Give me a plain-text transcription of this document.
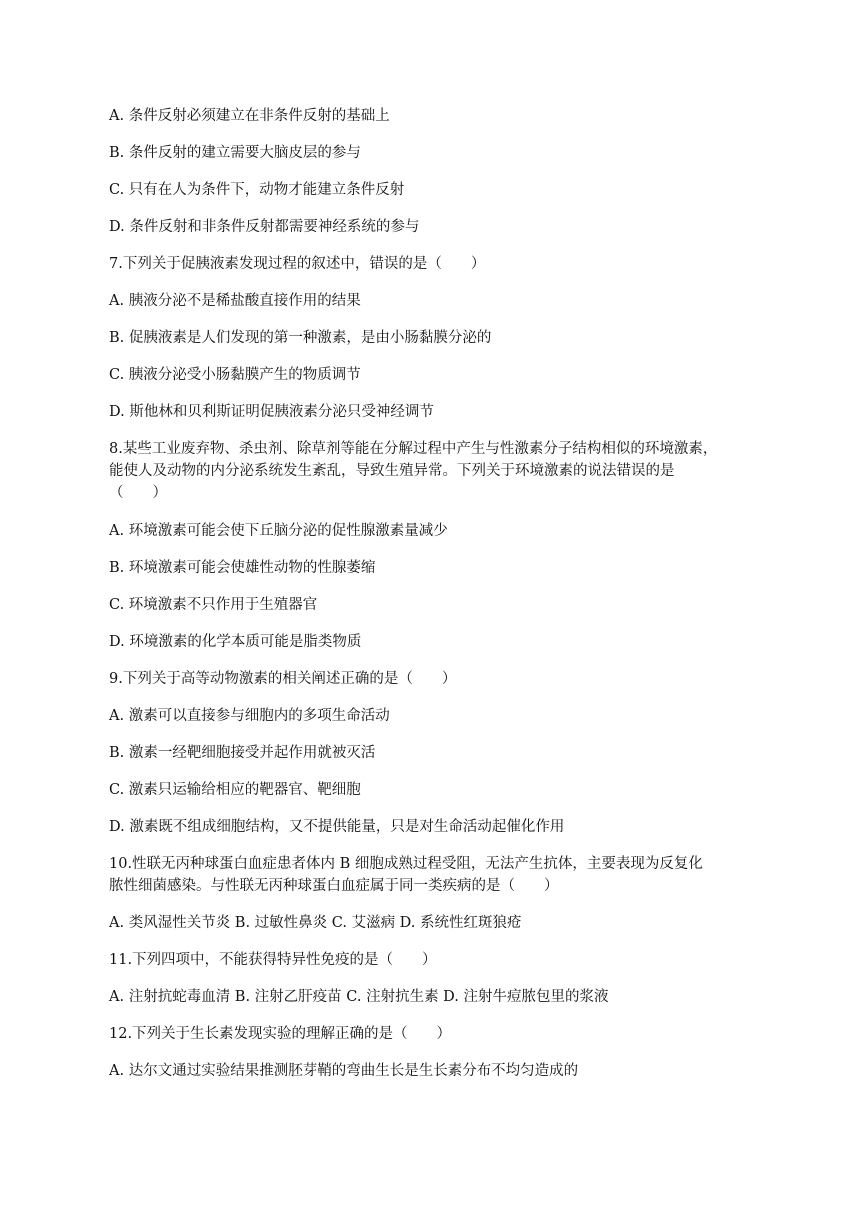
A. 条件反射必须建立在非条件反射的基础上
B. 条件反射的建立需要大脑皮层的参与
C. 只有在人为条件下，动物才能建立条件反射
D. 条件反射和非条件反射都需要神经系统的参与
7.下列关于促胰液素发现过程的叙述中，错误的是（　　）
A. 胰液分泌不是稀盐酸直接作用的结果
B. 促胰液素是人们发现的第一种激素，是由小肠黏膜分泌的
C. 胰液分泌受小肠黏膜产生的物质调节
D. 斯他林和贝利斯证明促胰液素分泌只受神经调节
8.某些工业废弃物、杀虫剂、除草剂等能在分解过程中产生与性激素分子结构相似的环境激素，
能使人及动物的内分泌系统发生紊乱，导致生殖异常。下列关于环境激素的说法错误的是
（　　）
A. 环境激素可能会使下丘脑分泌的促性腺激素量减少
B. 环境激素可能会使雄性动物的性腺萎缩
C. 环境激素不只作用于生殖器官
D. 环境激素的化学本质可能是脂类物质
9.下列关于高等动物激素的相关阐述正确的是（　　）
A. 激素可以直接参与细胞内的多项生命活动
B. 激素一经靶细胞接受并起作用就被灭活
C. 激素只运输给相应的靶器官、靶细胞
D. 激素既不组成细胞结构，又不提供能量，只是对生命活动起催化作用
10.性联无丙种球蛋白血症患者体内 B 细胞成熟过程受阻，无法产生抗体，主要表现为反复化
脓性细菌感染。与性联无丙种球蛋白血症属于同一类疾病的是（　　）
A. 类风湿性关节炎 B. 过敏性鼻炎 C. 艾滋病 D. 系统性红斑狼疮
11.下列四项中，不能获得特异性免疫的是（　　）
A. 注射抗蛇毒血清 B. 注射乙肝疫苗 C. 注射抗生素 D. 注射牛痘脓包里的浆液
12.下列关于生长素发现实验的理解正确的是（　　）
A. 达尔文通过实验结果推测胚芽鞘的弯曲生长是生长素分布不均匀造成的
